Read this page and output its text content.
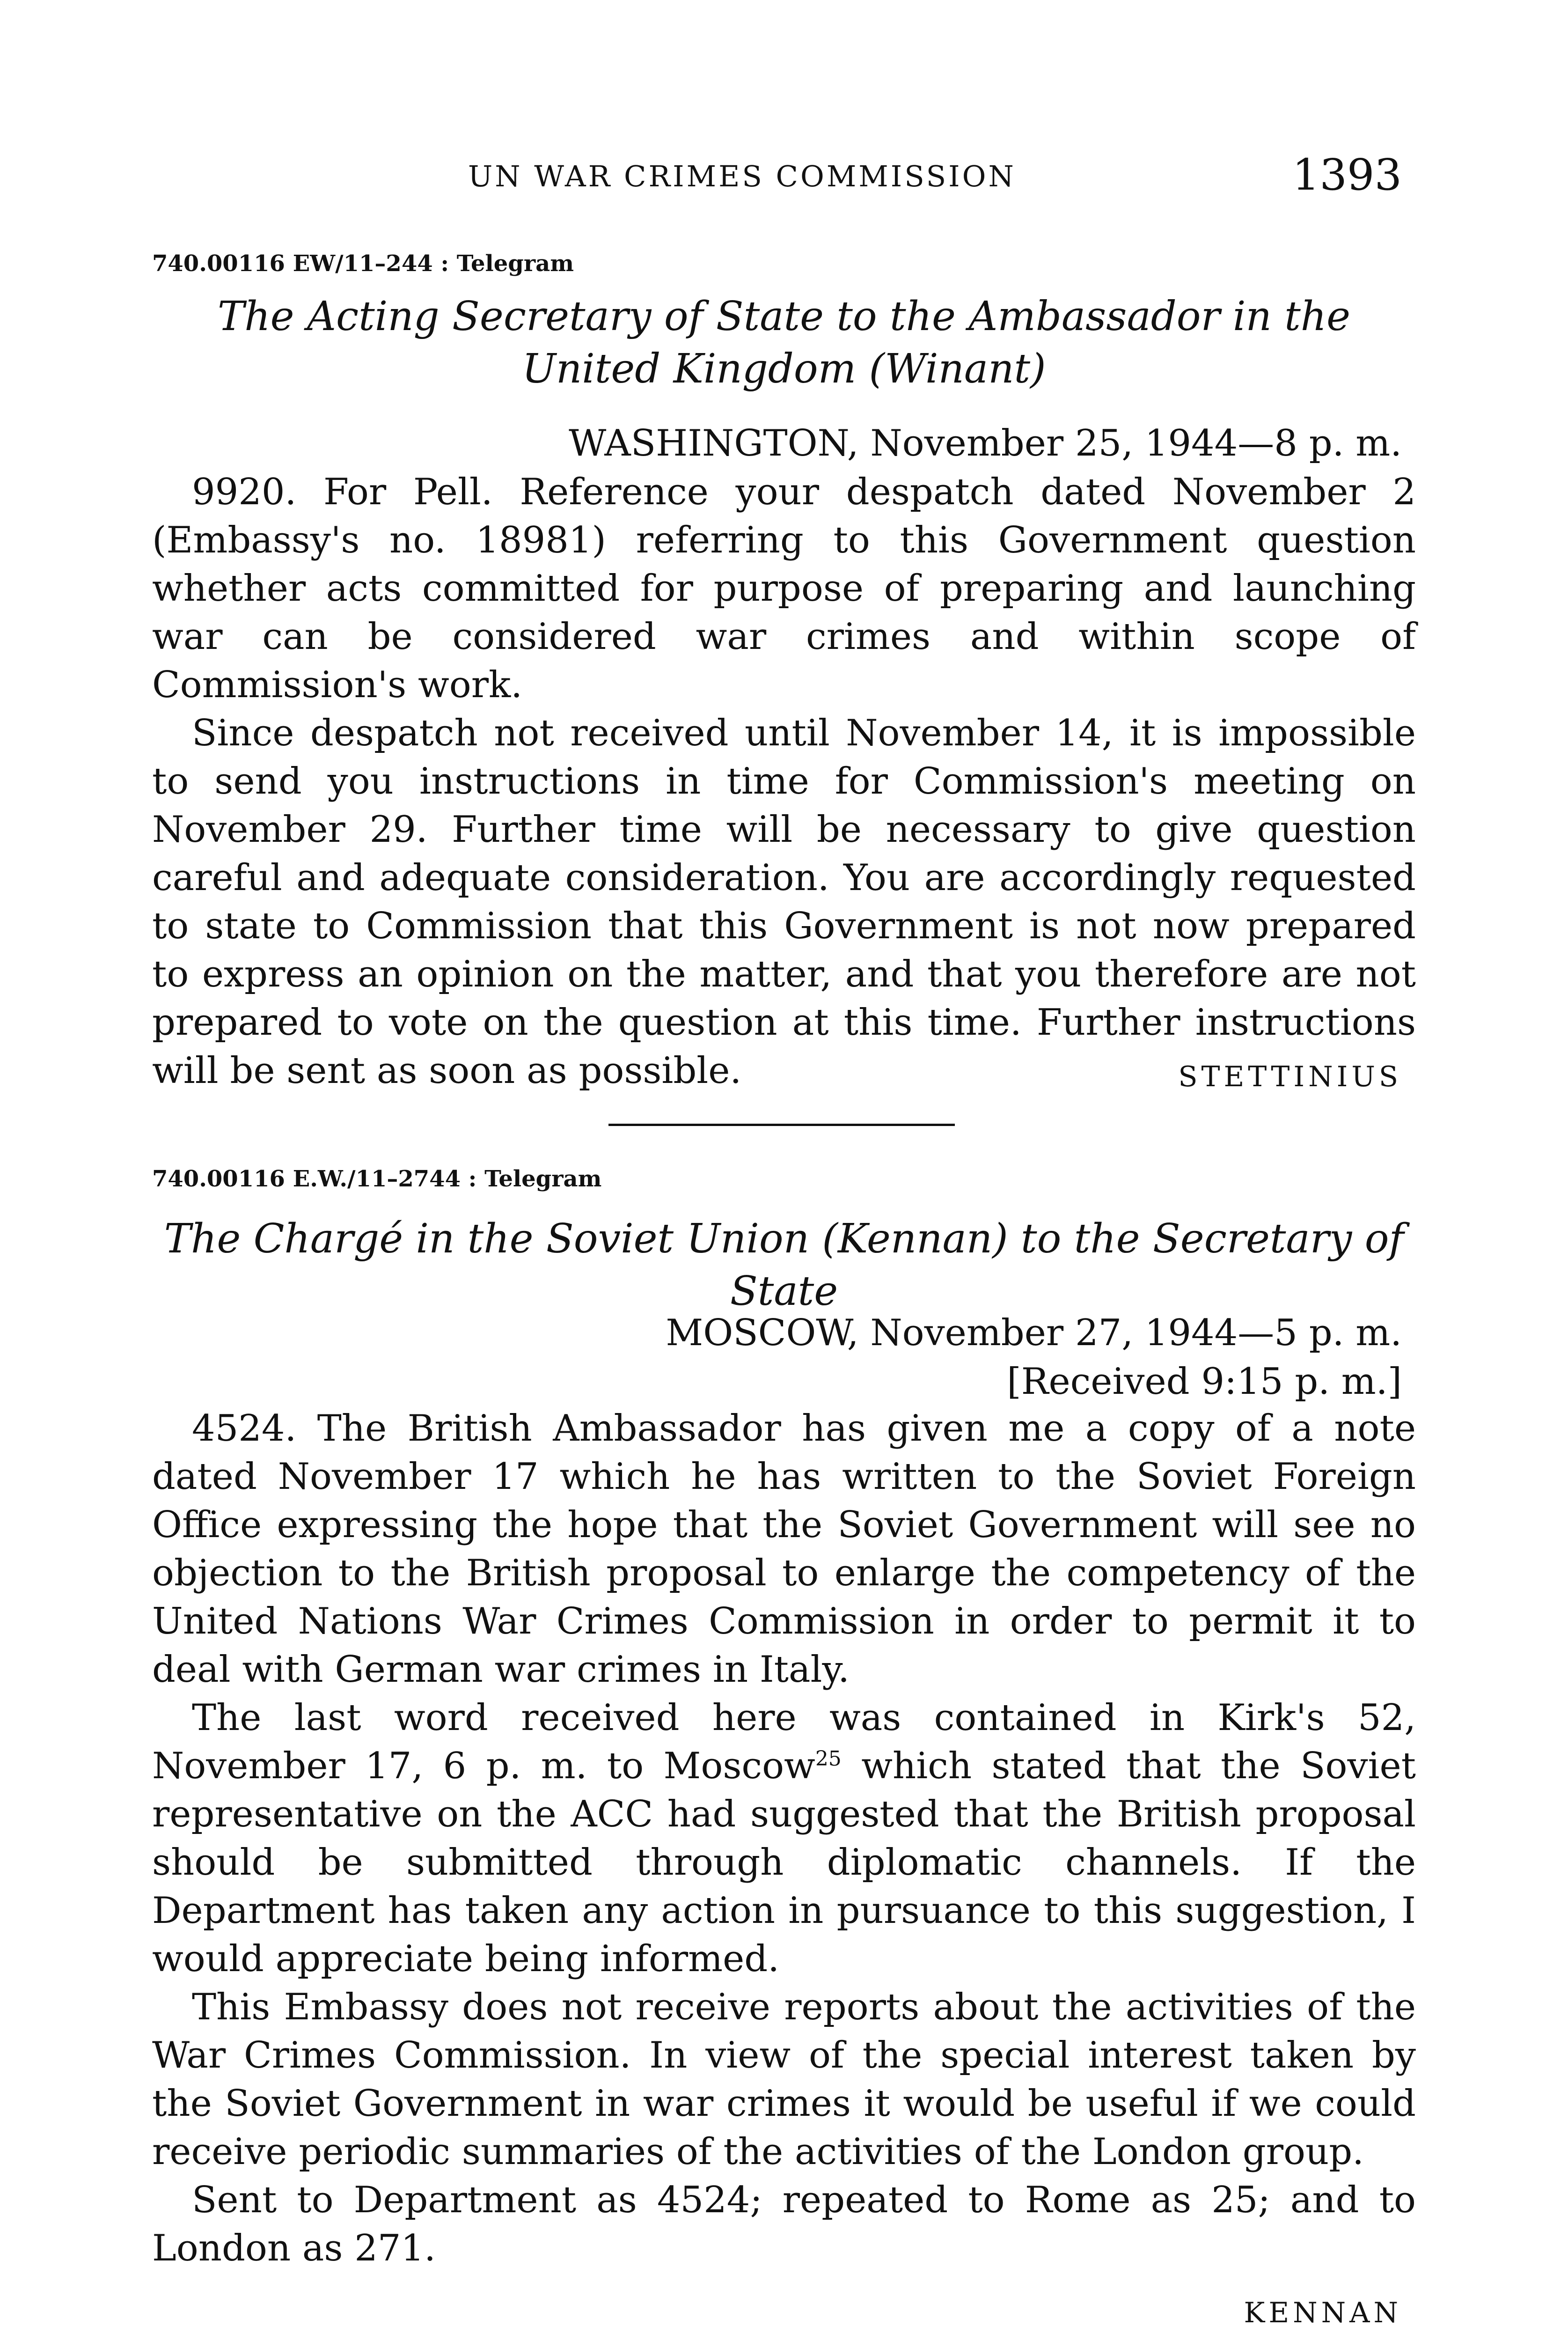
UN WAR CRIMES COMMISSION	1393
740.00116 EW/11–244 : Telegram
The Acting Secretary of State to the Ambassador in the United Kingdom (Winant)
WASHINGTON, November 25, 1944—8 p. m.

9920. For Pell. Reference your despatch dated November 2 (Embassy's no. 18981) referring to this Government question whether acts committed for purpose of preparing and launching war can be considered war crimes and within scope of Commission's work.

Since despatch not received until November 14, it is impossible to send you instructions in time for Commission's meeting on November 29. Further time will be necessary to give question careful and adequate consideration. You are accordingly requested to state to Commission that this Government is not now prepared to express an opinion on the matter, and that you therefore are not prepared to vote on the question at this time. Further instructions will be sent as soon as possible.	STETTINIUS
740.00116 E.W./11–2744 : Telegram
The Chargé in the Soviet Union (Kennan) to the Secretary of State
MOSCOW, November 27, 1944—5 p. m.
[Received 9:15 p. m.]

4524. The British Ambassador has given me a copy of a note dated November 17 which he has written to the Soviet Foreign Office expressing the hope that the Soviet Government will see no objection to the British proposal to enlarge the competency of the United Nations War Crimes Commission in order to permit it to deal with German war crimes in Italy.

The last word received here was contained in Kirk's 52, November 17, 6 p. m. to Moscow$^{25}$ which stated that the Soviet representative on the ACC had suggested that the British proposal should be submitted through diplomatic channels. If the Department has taken any action in pursuance to this suggestion, I would appreciate being informed.

This Embassy does not receive reports about the activities of the War Crimes Commission. In view of the special interest taken by the Soviet Government in war crimes it would be useful if we could receive periodic summaries of the activities of the London group.

Sent to Department as 4524; repeated to Rome as 25; and to London as 271.

KENNAN
